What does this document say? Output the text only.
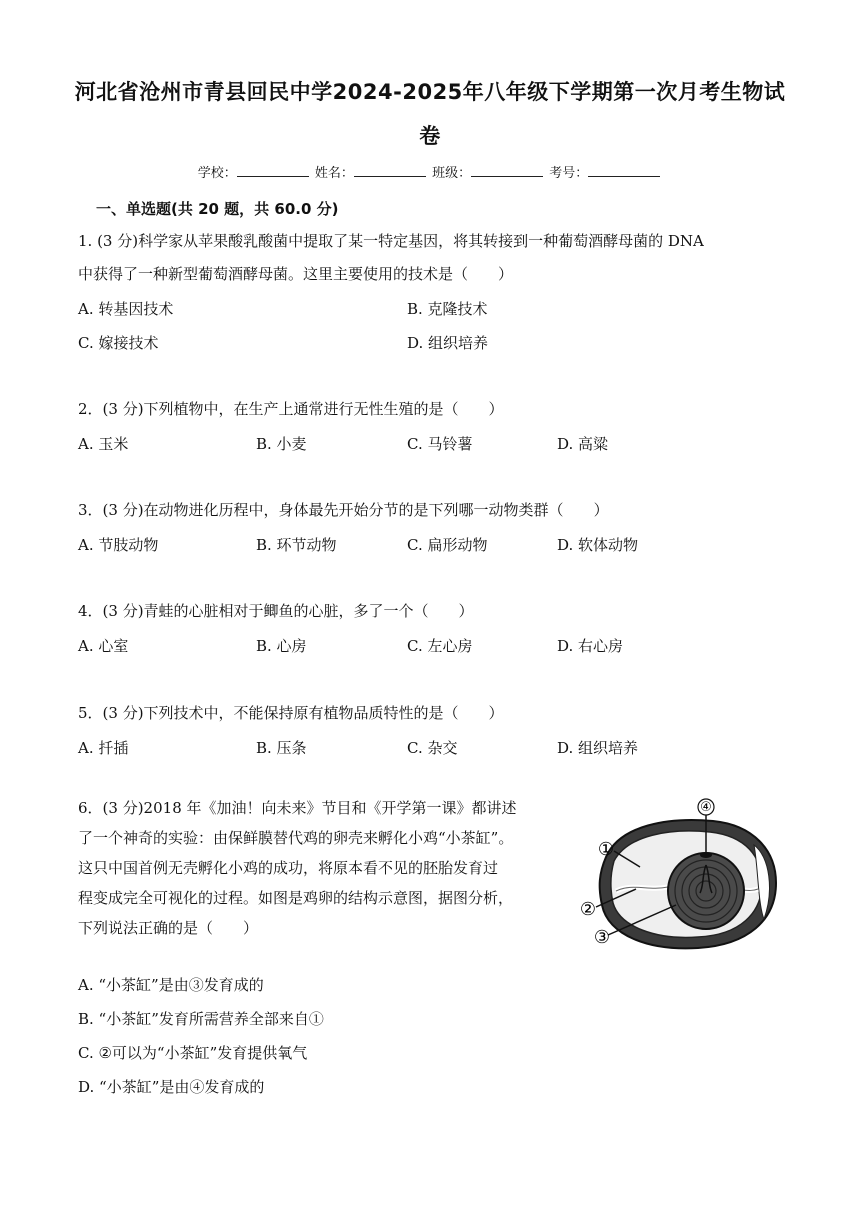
河北省沧州市青县回民中学2024-2025年八年级下学期第一次月考生物试
卷
学校：	姓名：	班级：	考号：
一、单选题(共 20 题，共 60.0 分)
1. (3 分)科学家从苹果酸乳酸菌中提取了某一特定基因，将其转接到一种葡萄酒酵母菌的 DNA
中获得了一种新型葡萄酒酵母菌。这里主要使用的技术是（　　）
A. 转基因技术	B. 克隆技术
C. 嫁接技术	D. 组织培养
2．(3 分)下列植物中，在生产上通常进行无性生殖的是（　　）
A. 玉米	B. 小麦	C. 马铃薯	D. 高粱
3．(3 分)在动物进化历程中，身体最先开始分节的是下列哪一动物类群（　　）
A. 节肢动物	B. 环节动物	C. 扁形动物	D. 软体动物
4．(3 分)青蛙的心脏相对于鲫鱼的心脏，多了一个（　　）
A. 心室	B. 心房	C. 左心房	D. 右心房
5．(3 分)下列技术中，不能保持原有植物品质特性的是（　　）
A. 扦插	B. 压条	C. 杂交	D. 组织培养
6．(3 分)2018 年《加油！向未来》节目和《开学第一课》都讲述
了一个神奇的实验：由保鲜膜替代鸡的卵壳来孵化小鸡“小茶缸”。
这只中国首例无壳孵化小鸡的成功，将原本看不见的胚胎发育过
程变成完全可视化的过程。如图是鸡卵的结构示意图，据图分析，
下列说法正确的是（　　）
④
①
②
③
A. “小茶缸”是由③发育成的
B. “小茶缸”发育所需营养全部来自①
C. ②可以为“小茶缸”发育提供氧气
D. “小茶缸”是由④发育成的
